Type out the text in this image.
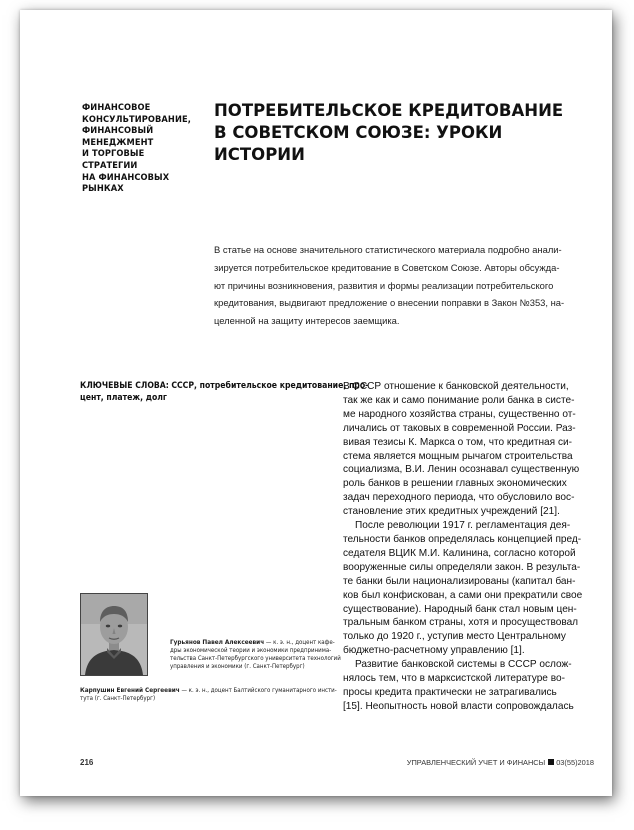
ФИНАНСОВОЕ
КОНСУЛЬТИРОВАНИЕ,
ФИНАНСОВЫЙ
МЕНЕДЖМЕНТ
И ТОРГОВЫЕ СТРАТЕГИИ
НА ФИНАНСОВЫХ
РЫНКАХ
ПОТРЕБИТЕЛЬСКОЕ КРЕДИТОВАНИЕ
В СОВЕТСКОМ СОЮЗЕ: УРОКИ ИСТОРИИ
В статье на основе значительного статистического материала подробно анали-
зируется потребительское кредитование в Советском Союзе. Авторы обсужда-
ют причины возникновения, развития и формы реализации потребительского
кредитования, выдвигают предложение о внесении поправки в Закон №353, на-
целенной на защиту интересов заемщика.
КЛЮЧЕВЫЕ СЛОВА: СССР, потребительское кредитование, про-
цент, платеж, долг
В СССР отношение к банковской деятельности,
так же как и само понимание роли банка в систе-
ме народного хозяйства страны, существенно от-
личались от таковых в современной России. Раз-
вивая тезисы К. Маркса о том, что кредитная си-
стема является мощным рычагом строительства
социализма, В.И. Ленин осознавал существенную
роль банков в решении главных экономических
задач переходного периода, что обусловило вос-
становление этих кредитных учреждений [21].
После революции 1917 г. регламентация дея-
тельности банков определялась концепцией пред-
седателя ВЦИК М.И. Калинина, согласно которой
вооруженные силы определяли закон. В результа-
те банки были национализированы (капитал бан-
ков был конфискован, а сами они прекратили свое
существование). Народный банк стал новым цен-
тральным банком страны, хотя и просуществовал
только до 1920 г., уступив место Центральному
бюджетно-расчетному управлению [1].
Развитие банковской системы в СССР ослож-
нялось тем, что в марксистской литературе во-
просы кредита практически не затрагивались
[15]. Неопытность новой власти сопровождалась
Гурьянов Павел Алексеевич — к. э. н., доцент кафе-
дры экономической теории и экономики предпринима-
тельства Санкт-Петербургского университета технологий
управления и экономики (г. Санкт-Петербург)
Карпушин Евгений Сергеевич — к. э. н., доцент Балтийского гуманитарного инсти-
тута (г. Санкт-Петербург)
216	УПРАВЛЕНЧЕСКИЙ УЧЕТ И ФИНАНСЫ 03(55)2018
